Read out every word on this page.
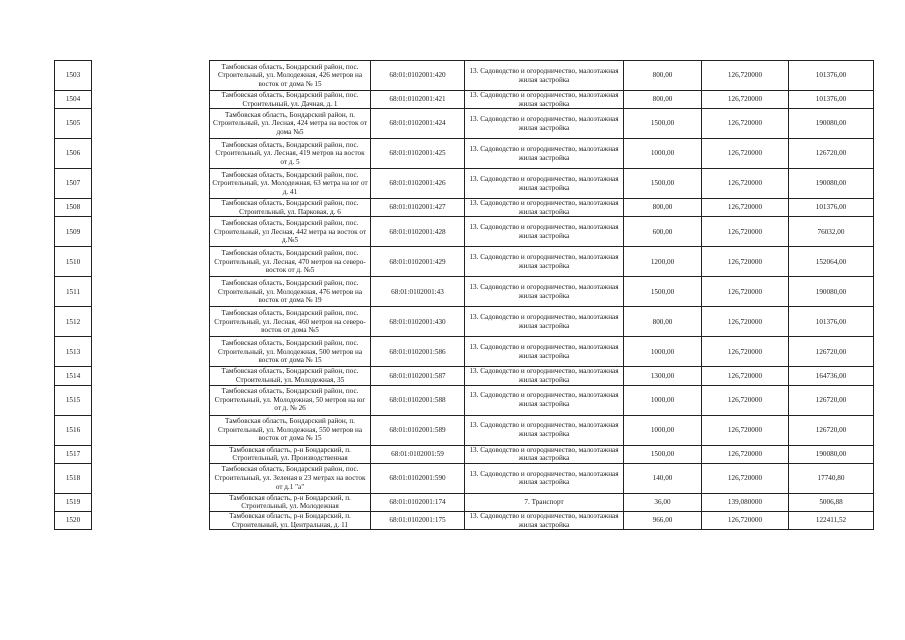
1503		Тамбовская область, Бондарский район, пос. Строительный, ул. Молодежная, 426 метров на восток от дома № 15	68:01:0102001:420	13. Садоводство и огородничество, малоэтажная жилая застройка	800,00	126,720000	101376,00
1504		Тамбовская область, Бондарский район, пос. Строительный, ул. Дачная, д. 1	68:01:0102001:421	13. Садоводство и огородничество, малоэтажная жилая застройка	800,00	126,720000	101376,00
1505		Тамбовская область, Бондарский район, п. Строительный, ул. Лесная, 424 метра на восток от дома №5	68:01:0102001:424	13. Садоводство и огородничество, малоэтажная жилая застройка	1500,00	126,720000	190080,00
1506		Тамбовская область, Бондарский район, пос. Строительный, ул. Лесная, 419 метров на восток от д. 5	68:01:0102001:425	13. Садоводство и огородничество, малоэтажная жилая застройка	1000,00	126,720000	126720,00
1507		Тамбовская область, Бондарский район, пос. Строительный, ул. Молодежная, 63 метра на юг от д. 41	68:01:0102001:426	13. Садоводство и огородничество, малоэтажная жилая застройка	1500,00	126,720000	190080,00
1508		Тамбовская область, Бондарский район, пос. Строительный, ул. Парковая, д. 6	68:01:0102001:427	13. Садоводство и огородничество, малоэтажная жилая застройка	800,00	126,720000	101376,00
1509		Тамбовская область, Бондарский район, пос. Строительный, ул Лесная, 442 метра на восток от д.№5	68:01:0102001:428	13. Садоводство и огородничество, малоэтажная жилая застройка	600,00	126,720000	76032,00
1510		Тамбовская область, Бондарский район, пос. Строительный, ул. Лесная, 470 метров на северо-восток от д. №5	68:01:0102001:429	13. Садоводство и огородничество, малоэтажная жилая застройка	1200,00	126,720000	152064,00
1511		Тамбовская область, Бондарский район, пос. Строительный, ул. Молодежная, 476 метров на восток от дома № 19	68:01:0102001:43	13. Садоводство и огородничество, малоэтажная жилая застройка	1500,00	126,720000	190080,00
1512		Тамбовская область, Бондарский район, пос. Строительный, ул. Лесная, 460 метров на северо-восток от дома №5	68:01:0102001:430	13. Садоводство и огородничество, малоэтажная жилая застройка	800,00	126,720000	101376,00
1513		Тамбовская область, Бондарский район, пос. Строительный, ул. Молодежная, 500 метров на восток от дома № 15	68:01:0102001:586	13. Садоводство и огородничество, малоэтажная жилая застройка	1000,00	126,720000	126720,00
1514		Тамбовская область, Бондарский район, пос. Строительный, ул. Молодежная, 35	68:01:0102001:587	13. Садоводство и огородничество, малоэтажная жилая застройка	1300,00	126,720000	164736,00
1515		Тамбовская область, Бондарский район, пос. Строительный, ул. Молодежная, 50 метров на юг от д. № 26	68:01:0102001:588	13. Садоводство и огородничество, малоэтажная жилая застройка	1000,00	126,720000	126720,00
1516		Тамбовская область, Бондарский район, п. Строительный, ул. Молодежная, 550 метров на восток от дома № 15	68:01:0102001:589	13. Садоводство и огородничество, малоэтажная жилая застройка	1000,00	126,720000	126720,00
1517		Тамбовская область, р-н Бондарский, п. Строительный, ул. Производственная	68:01:0102001:59	13. Садоводство и огородничество, малоэтажная жилая застройка	1500,00	126,720000	190080,00
1518		Тамбовская область, Бондарский район, пос. Строительный, ул. Зеленая в 23 метрах на восток от д.1 "а"	68:01:0102001:590	13. Садоводство и огородничество, малоэтажная жилая застройка	140,00	126,720000	17740,80
1519		Тамбовская область, р-н Бондарский, п. Строительный, ул. Молодежная	68:01:0102001:174	7. Транспорт	36,00	139,080000	5006,88
1520		Тамбовская область, р-н Бондарский, п. Строительный, ул. Центральная, д. 11	68:01:0102001:175	13. Садоводство и огородничество, малоэтажная жилая застройка	966,00	126,720000	122411,52
